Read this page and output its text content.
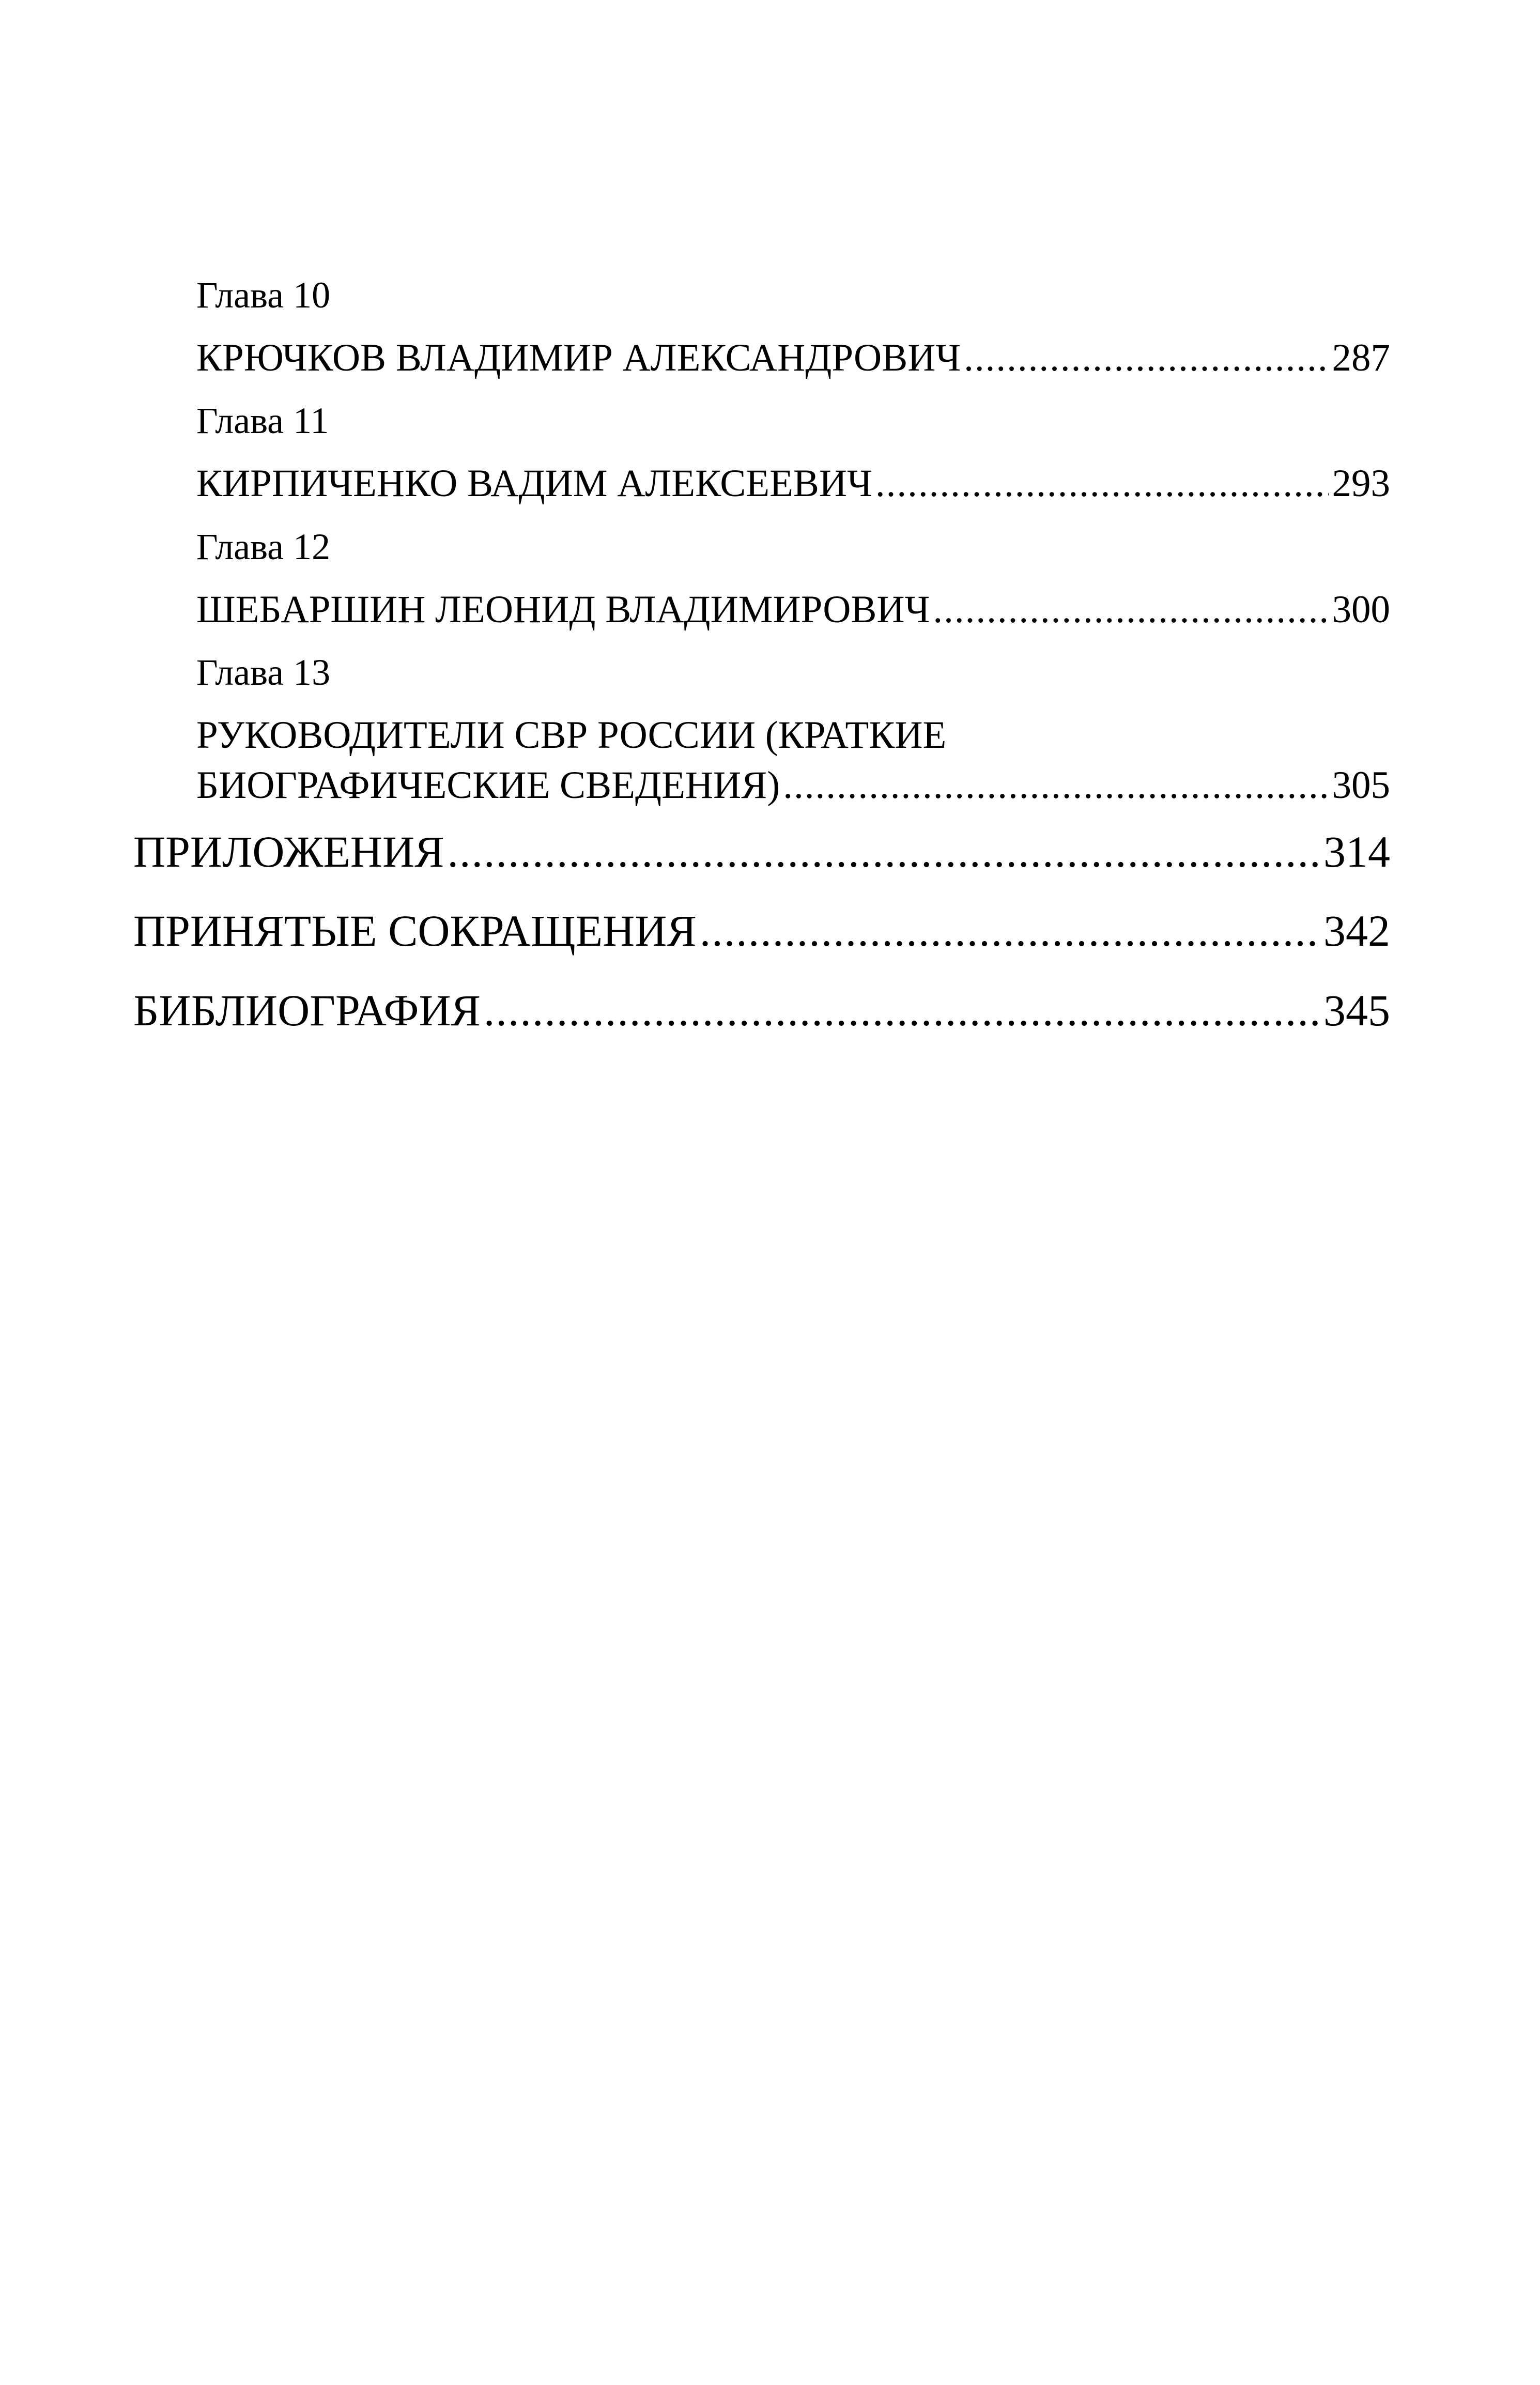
Глава 10
КРЮЧКОВ ВЛАДИМИР АЛЕКСАНДРОВИЧ .....	287
Глава 11
КИРПИЧЕНКО ВАДИМ АЛЕКСЕЕВИЧ .....	293
Глава 12
ШЕБАРШИН ЛЕОНИД ВЛАДИМИРОВИЧ .....	300
Глава 13
РУКОВОДИТЕЛИ СВР РОССИИ (КРАТКИЕ
БИОГРАФИЧЕСКИЕ СВЕДЕНИЯ) .....	305
ПРИЛОЖЕНИЯ .....	314
ПРИНЯТЫЕ СОКРАЩЕНИЯ .....	342
БИБЛИОГРАФИЯ .....	345
